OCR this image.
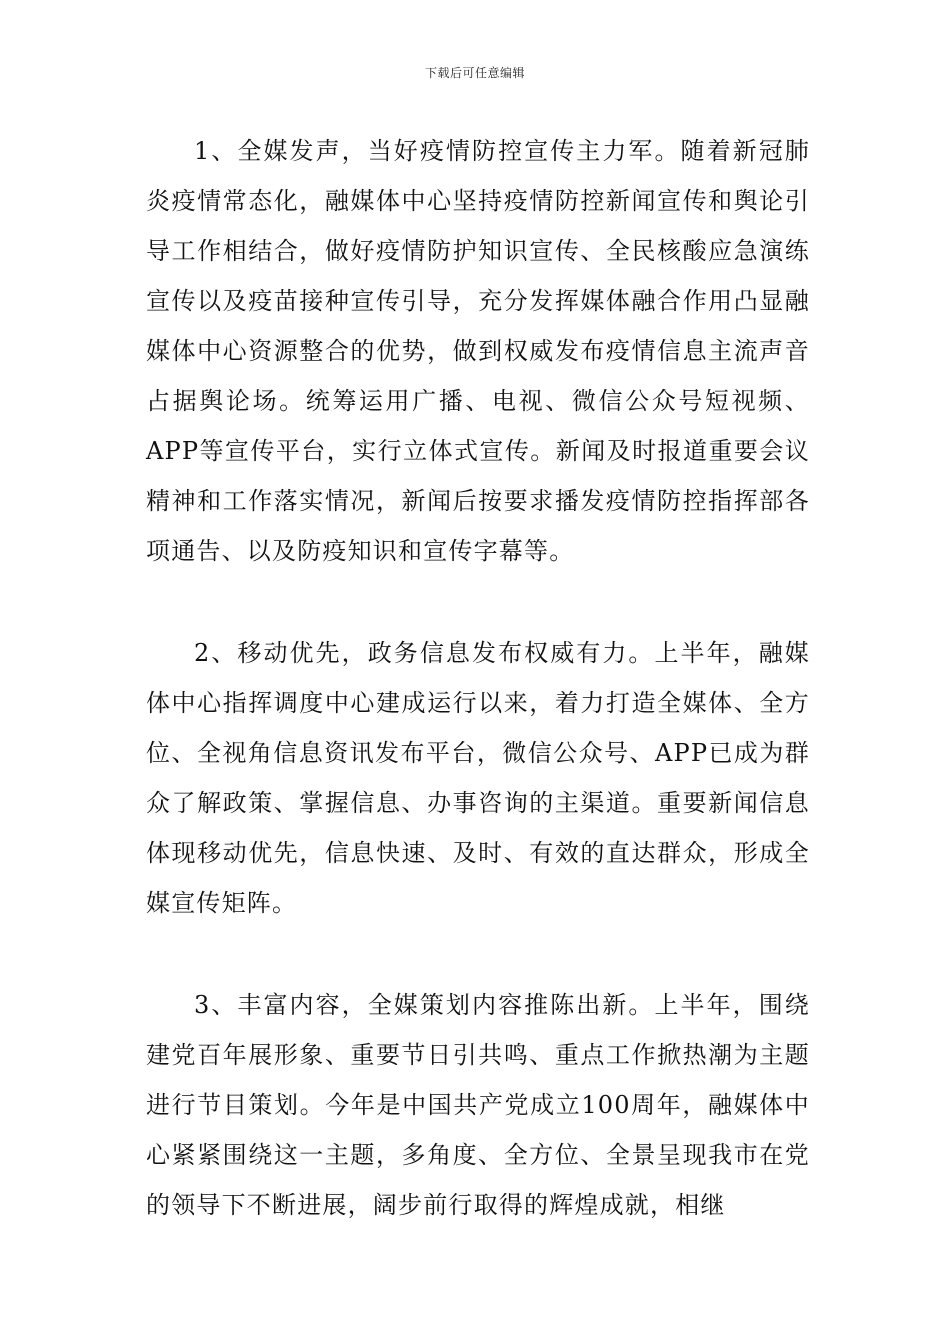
下载后可任意编辑

1、全媒发声，当好疫情防控宣传主力军。随着新冠肺炎疫情常态化，融媒体中心坚持疫情防控新闻宣传和舆论引导工作相结合，做好疫情防护知识宣传、全民核酸应急演练宣传以及疫苗接种宣传引导，充分发挥媒体融合作用凸显融媒体中心资源整合的优势，做到权威发布疫情信息主流声音占据舆论场。统筹运用广播、电视、微信公众号短视频、APP等宣传平台，实行立体式宣传。新闻及时报道重要会议精神和工作落实情况，新闻后按要求播发疫情防控指挥部各项通告、以及防疫知识和宣传字幕等。

2、移动优先，政务信息发布权威有力。上半年，融媒体中心指挥调度中心建成运行以来，着力打造全媒体、全方位、全视角信息资讯发布平台，微信公众号、APP已成为群众了解政策、掌握信息、办事咨询的主渠道。重要新闻信息体现移动优先，信息快速、及时、有效的直达群众，形成全媒宣传矩阵。

3、丰富内容，全媒策划内容推陈出新。上半年，围绕建党百年展形象、重要节日引共鸣、重点工作掀热潮为主题进行节目策划。今年是中国共产党成立100周年，融媒体中心紧紧围绕这一主题，多角度、全方位、全景呈现我市在党的领导下不断进展，阔步前行取得的辉煌成就，相继
